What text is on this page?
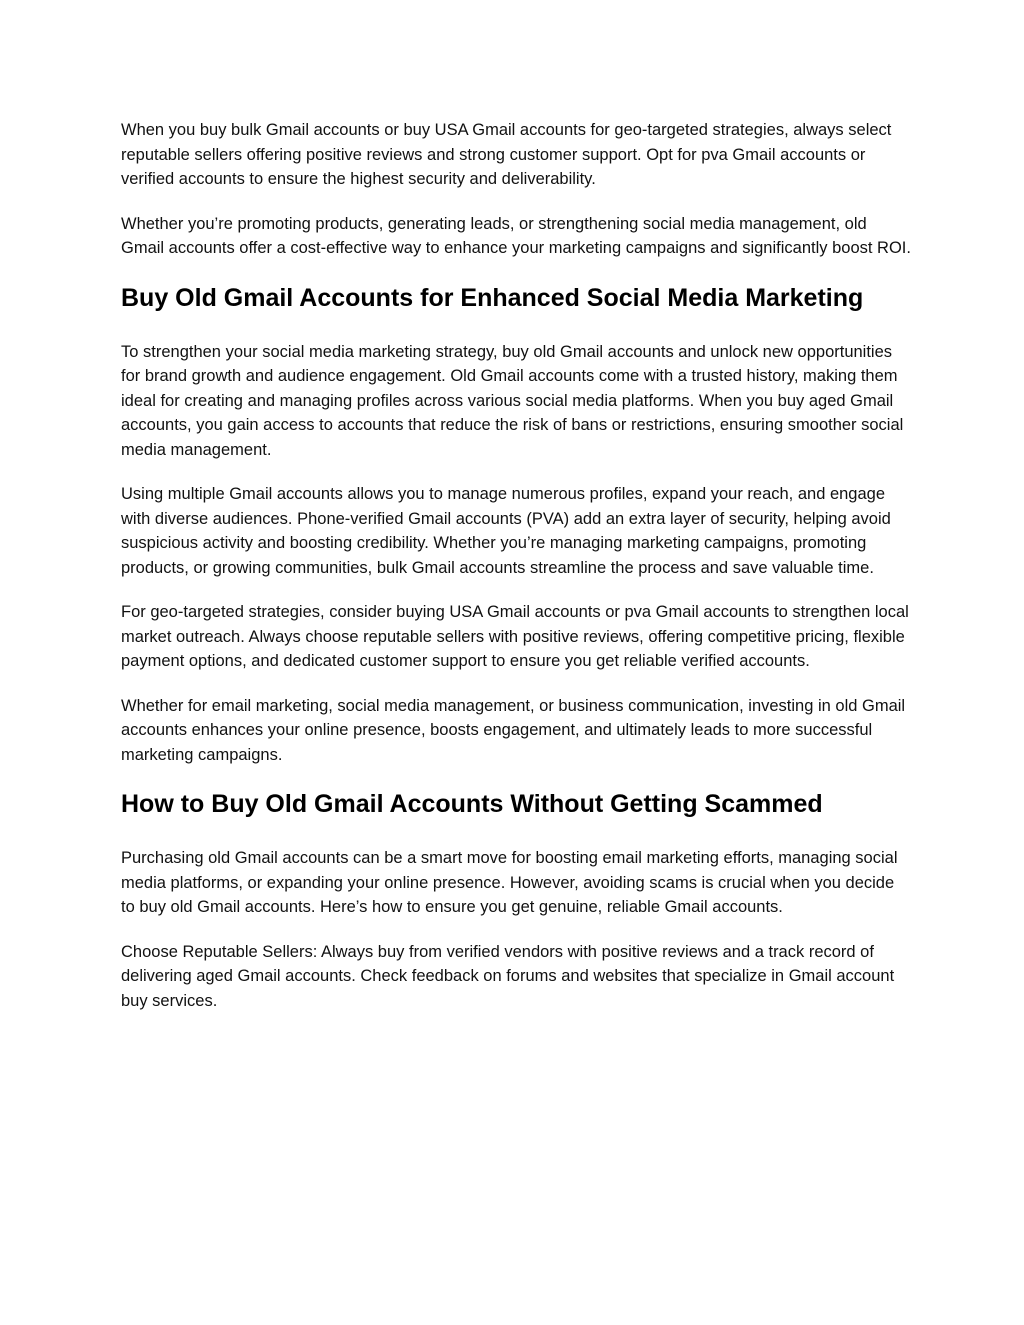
When you buy bulk Gmail accounts or buy USA Gmail accounts for geo-targeted strategies, always select reputable sellers offering positive reviews and strong customer support. Opt for pva Gmail accounts or verified accounts to ensure the highest security and deliverability.

Whether you’re promoting products, generating leads, or strengthening social media management, old Gmail accounts offer a cost-effective way to enhance your marketing campaigns and significantly boost ROI.

Buy Old Gmail Accounts for Enhanced Social Media Marketing

To strengthen your social media marketing strategy, buy old Gmail accounts and unlock new opportunities for brand growth and audience engagement. Old Gmail accounts come with a trusted history, making them ideal for creating and managing profiles across various social media platforms. When you buy aged Gmail accounts, you gain access to accounts that reduce the risk of bans or restrictions, ensuring smoother social media management.

Using multiple Gmail accounts allows you to manage numerous profiles, expand your reach, and engage with diverse audiences. Phone-verified Gmail accounts (PVA) add an extra layer of security, helping avoid suspicious activity and boosting credibility. Whether you’re managing marketing campaigns, promoting products, or growing communities, bulk Gmail accounts streamline the process and save valuable time.

For geo-targeted strategies, consider buying USA Gmail accounts or pva Gmail accounts to strengthen local market outreach. Always choose reputable sellers with positive reviews, offering competitive pricing, flexible payment options, and dedicated customer support to ensure you get reliable verified accounts.

Whether for email marketing, social media management, or business communication, investing in old Gmail accounts enhances your online presence, boosts engagement, and ultimately leads to more successful marketing campaigns.

How to Buy Old Gmail Accounts Without Getting Scammed

Purchasing old Gmail accounts can be a smart move for boosting email marketing efforts, managing social media platforms, or expanding your online presence. However, avoiding scams is crucial when you decide to buy old Gmail accounts. Here’s how to ensure you get genuine, reliable Gmail accounts.

Choose Reputable Sellers: Always buy from verified vendors with positive reviews and a track record of delivering aged Gmail accounts. Check feedback on forums and websites that specialize in Gmail account buy services.
